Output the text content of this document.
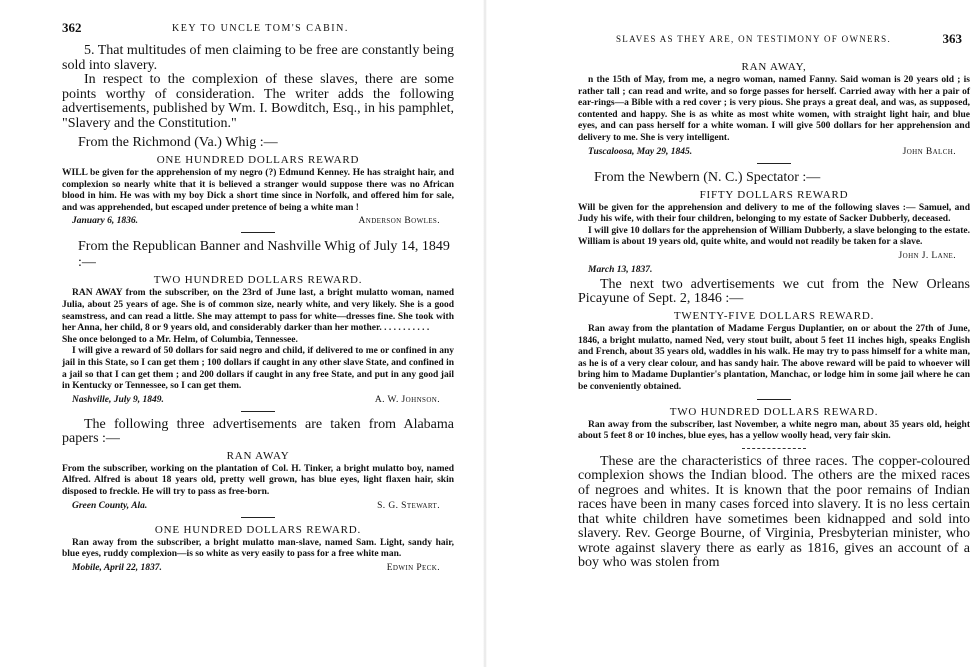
362	KEY TO UNCLE TOM'S CABIN.

5. That multitudes of men claiming to be free are constantly being sold into slavery.

In respect to the complexion of these slaves, there are some points worthy of consideration. The writer adds the following advertisements, published by Wm. I. Bowditch, Esq., in his pamphlet, "Slavery and the Constitution."

From the Richmond (Va.) Whig :—

ONE HUNDRED DOLLARS REWARD

WILL be given for the apprehension of my negro (?) Edmund Kenney. He has straight hair, and complexion so nearly white that it is believed a stranger would suppose there was no African blood in him. He was with my boy Dick a short time since in Norfolk, and offered him for sale, and was apprehended, but escaped under pretence of being a white man !

January 6, 1836.	Anderson Bowles.

From the Republican Banner and Nashville Whig of July 14, 1849 :—

TWO HUNDRED DOLLARS REWARD.

RAN AWAY from the subscriber, on the 23rd of June last, a bright mulatto woman, named Julia, about 25 years of age. She is of common size, nearly white, and very likely. She is a good seamstress, and can read a little. She may attempt to pass for white—dresses fine. She took with her Anna, her child, 8 or 9 years old, and considerably darker than her mother. . . . . . . . . . .

She once belonged to a Mr. Helm, of Columbia, Tennessee.

I will give a reward of 50 dollars for said negro and child, if delivered to me or confined in any jail in this State, so I can get them ; 100 dollars if caught in any other slave State, and confined in a jail so that I can get them ; and 200 dollars if caught in any free State, and put in any good jail in Kentucky or Tennessee, so I can get them.

Nashville, July 9, 1849.	A. W. Johnson.

The following three advertisements are taken from Alabama papers :—

RAN AWAY

From the subscriber, working on the plantation of Col. H. Tinker, a bright mulatto boy, named Alfred. Alfred is about 18 years old, pretty well grown, has blue eyes, light flaxen hair, skin disposed to freckle. He will try to pass as free-born.

Green County, Ala.	S. G. Stewart.
ONE HUNDRED DOLLARS REWARD.

Ran away from the subscriber, a bright mulatto man-slave, named Sam. Light, sandy hair, blue eyes, ruddy complexion—is so white as very easily to pass for a free white man.

Mobile, April 22, 1837.	Edwin Peck.
SLAVES AS THEY ARE, ON TESTIMONY OF OWNERS.	363
RAN AWAY,

n the 15th of May, from me, a negro woman, named Fanny. Said woman is 20 years old ; is rather tall ; can read and write, and so forge passes for herself. Carried away with her a pair of ear-rings—a Bible with a red cover ; is very pious. She prays a great deal, and was, as supposed, contented and happy. She is as white as most white women, with straight light hair, and blue eyes, and can pass herself for a white woman. I will give 500 dollars for her apprehension and delivery to me. She is very intelligent.

Tuscaloosa, May 29, 1845.	John Balch.

From the Newbern (N. C.) Spectator :—

FIFTY DOLLARS REWARD

Will be given for the apprehension and delivery to me of the following slaves :— Samuel, and Judy his wife, with their four children, belonging to my estate of Sacker Dubberly, deceased.

I will give 10 dollars for the apprehension of William Dubberly, a slave belonging to the estate. William is about 19 years old, quite white, and would not readily be taken for a slave.

John J. Lane.
March 13, 1837.

The next two advertisements we cut from the New Orleans Picayune of Sept. 2, 1846 :—

TWENTY-FIVE DOLLARS REWARD.

Ran away from the plantation of Madame Fergus Duplantier, on or about the 27th of June, 1846, a bright mulatto, named Ned, very stout built, about 5 feet 11 inches high, speaks English and French, about 35 years old, waddles in his walk. He may try to pass himself for a white man, as he is of a very clear colour, and has sandy hair. The above reward will be paid to whoever will bring him to Madame Duplantier's plantation, Manchac, or lodge him in some jail where he can be conveniently obtained.

TWO HUNDRED DOLLARS REWARD.

Ran away from the subscriber, last November, a white negro man, about 35 years old, height about 5 feet 8 or 10 inches, blue eyes, has a yellow woolly head, very fair skin.

These are the characteristics of three races. The copper-coloured complexion shows the Indian blood. The others are the mixed races of negroes and whites. It is known that the poor remains of Indian races have been in many cases forced into slavery. It is no less certain that white children have sometimes been kidnapped and sold into slavery. Rev. George Bourne, of Virginia, Presbyterian minister, who wrote against slavery there as early as 1816, gives an account of a boy who was stolen from
